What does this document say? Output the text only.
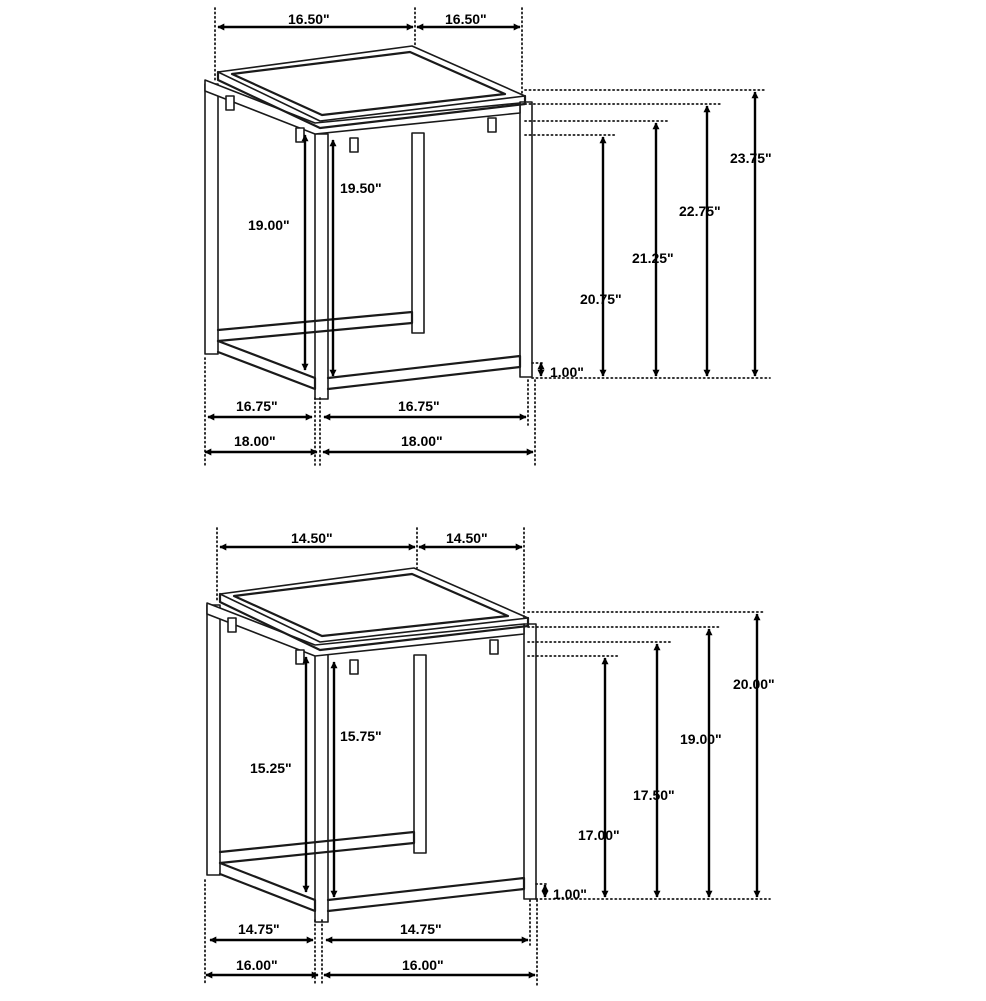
16.50"	16.50"
23.75"
22.75"
21.25"
20.75"
19.50"
19.00"
1.00"
16.75"	16.75"
18.00"	18.00"
14.50"	14.50"
20.00"
19.00"
17.50"
17.00"
15.75"
15.25"
1.00"
14.75"	14.75"
16.00"	16.00"
